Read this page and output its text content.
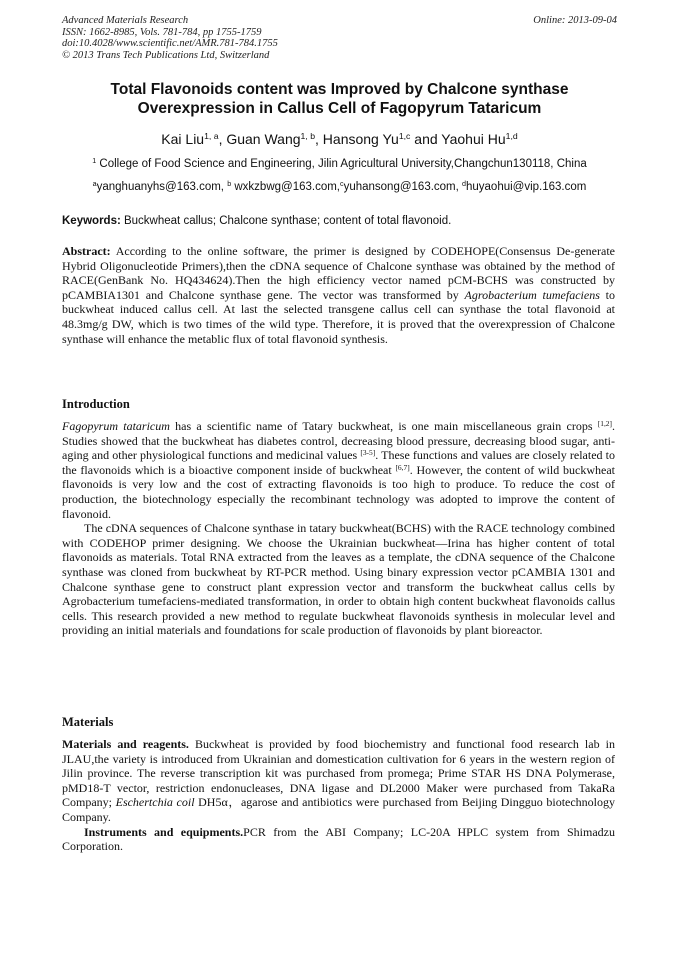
Advanced Materials Research
ISSN: 1662-8985, Vols. 781-784, pp 1755-1759
doi:10.4028/www.scientific.net/AMR.781-784.1755
© 2013 Trans Tech Publications Ltd, Switzerland
Online: 2013-09-04
Total Flavonoids content was Improved by Chalcone synthase
Overexpression in Callus Cell of Fagopyrum Tataricum
Kai Liu$^{1, a}$, Guan Wang$^{1, b}$, Hansong Yu$^{1,c}$ and Yaohui Hu$^{1,d}$
$^1$ College of Food Science and Engineering, Jilin Agricultural University,Changchun130118, China
$^a$yanghuanyhs@163.com, $^b$ wxkzbwg@163.com,$^c$yuhansong@163.com, $^d$huyaohui@vip.163.com
Keywords: Buckwheat callus; Chalcone synthase; content of total flavonoid.
Abstract: According to the online software, the primer is designed by CODEHOPE(Consensus De-generate Hybrid Oligonucleotide Primers),then the cDNA sequence of Chalcone synthase was obtained by the method of RACE(GenBank No. HQ434624).Then the high efficiency vector named pCM-BCHS was constructed by pCAMBIA1301 and Chalcone synthase gene. The vector was transformed by Agrobacterium tumefaciens to buckwheat induced callus cell. At last the selected transgene callus cell can synthase the total flavonoid at 48.3mg/g DW, which is two times of the wild type. Therefore, it is proved that the overexpression of Chalcone synthase will enhance the metablic flux of total flavonoid synthesis.
Introduction

Fagopyrum tataricum has a scientific name of Tatary buckwheat, is one main miscellaneous grain crops [1,2]. Studies showed that the buckwheat has diabetes control, decreasing blood pressure, decreasing blood sugar, anti-aging and other physiological functions and medicinal values [3-5]. These functions and values are closely related to the flavonoids which is a bioactive component inside of buckwheat [6,7]. However, the content of wild buckwheat flavonoids is very low and the cost of extracting flavonoids is too high to produce. To reduce the cost of production, the biotechnology especially the recombinant technology was adopted to improve the content of flavonoid.

The cDNA sequences of Chalcone synthase in tatary buckwheat(BCHS) with the RACE technology combined with CODEHOP primer designing. We choose the Ukrainian buckwheat—Irina has higher content of total flavonoids as materials. Total RNA extracted from the leaves as a template, the cDNA sequence of the Chalcone synthase was cloned from buckwheat by RT-PCR method. Using binary expression vector pCAMBIA 1301 and Chalcone synthase gene to construct plant expression vector and transform the buckwheat callus cells by Agrobacterium tumefaciens-mediated transformation, in order to obtain high content buckwheat flavonoids callus cells. This research provided a new method to regulate buckwheat flavonoids synthesis in molecular level and providing an initial materials and foundations for scale production of flavonoids by plant bioreactor.

Materials

Materials and reagents. Buckwheat is provided by food biochemistry and functional food research lab in JLAU,the variety is introduced from Ukrainian and domestication cultivation for 6 years in the western region of Jilin province. The reverse transcription kit was purchased from promega; Prime STAR HS DNA Polymerase, pMD18-T vector, restriction endonucleases, DNA ligase and DL2000 Maker were purchased from TakaRa Company; Eschertchia coil DH5α，agarose and antibiotics were purchased from Beijing Dingguo biotechnology Company.

Instruments and equipments.PCR from the ABI Company; LC-20A HPLC system from Shimadzu Corporation.
